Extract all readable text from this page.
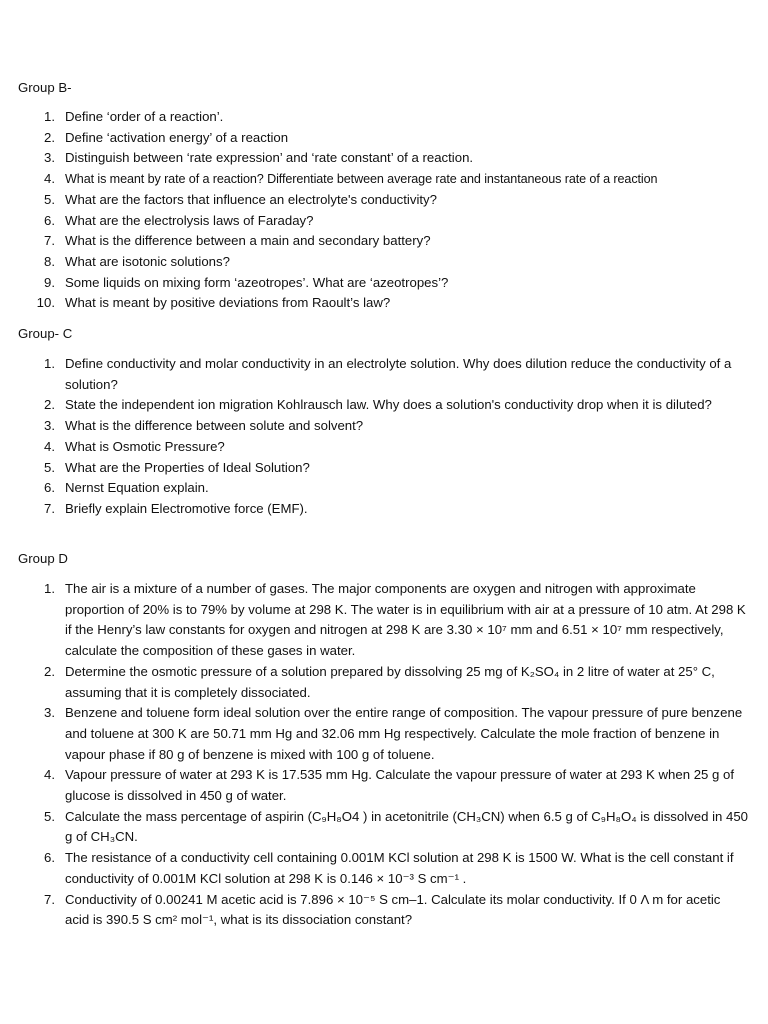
Group B-
1. Define ‘order of a reaction’.
2. Define ‘activation energy’ of a reaction
3. Distinguish between ‘rate expression’ and ‘rate constant’ of a reaction.
4. What is meant by rate of a reaction? Differentiate between average rate and instantaneous rate of a reaction
5. What are the factors that influence an electrolyte's conductivity?
6. What are the electrolysis laws of Faraday?
7. What is the difference between a main and secondary battery?
8. What are isotonic solutions?
9. Some liquids on mixing form ‘azeotropes’. What are ‘azeotropes’?
10. What is meant by positive deviations from Raoult’s law?
Group- C
1. Define conductivity and molar conductivity in an electrolyte solution. Why does dilution reduce the conductivity of a solution?
2. State the independent ion migration Kohlrausch law. Why does a solution's conductivity drop when it is diluted?
3. What is the difference between solute and solvent?
4. What is Osmotic Pressure?
5. What are the Properties of Ideal Solution?
6. Nernst Equation explain.
7. Briefly explain Electromotive force (EMF).
Group D
1. The air is a mixture of a number of gases. The major components are oxygen and nitrogen with approximate proportion of 20% is to 79% by volume at 298 K. The water is in equilibrium with air at a pressure of 10 atm. At 298 K if the Henry’s law constants for oxygen and nitrogen at 298 K are 3.30 × 10⁷ mm and 6.51 × 10⁷ mm respectively, calculate the composition of these gases in water.
2. Determine the osmotic pressure of a solution prepared by dissolving 25 mg of K₂SO₄ in 2 litre of water at 25° C, assuming that it is completely dissociated.
3. Benzene and toluene form ideal solution over the entire range of composition. The vapour pressure of pure benzene and toluene at 300 K are 50.71 mm Hg and 32.06 mm Hg respectively. Calculate the mole fraction of benzene in vapour phase if 80 g of benzene is mixed with 100 g of toluene.
4. Vapour pressure of water at 293 K is 17.535 mm Hg. Calculate the vapour pressure of water at 293 K when 25 g of glucose is dissolved in 450 g of water.
5. Calculate the mass percentage of aspirin (C₉H₈O4 ) in acetonitrile (CH₃CN) when 6.5 g of C₉H₈O₄ is dissolved in 450 g of CH₃CN.
6. The resistance of a conductivity cell containing 0.001M KCl solution at 298 K is 1500 W. What is the cell constant if conductivity of 0.001M KCl solution at 298 K is 0.146 × 10⁻³ S cm⁻¹ .
7. Conductivity of 0.00241 M acetic acid is 7.896 × 10⁻⁵ S cm–1. Calculate its molar conductivity. If 0 Λ m for acetic acid is 390.5 S cm² mol⁻¹, what is its dissociation constant?
